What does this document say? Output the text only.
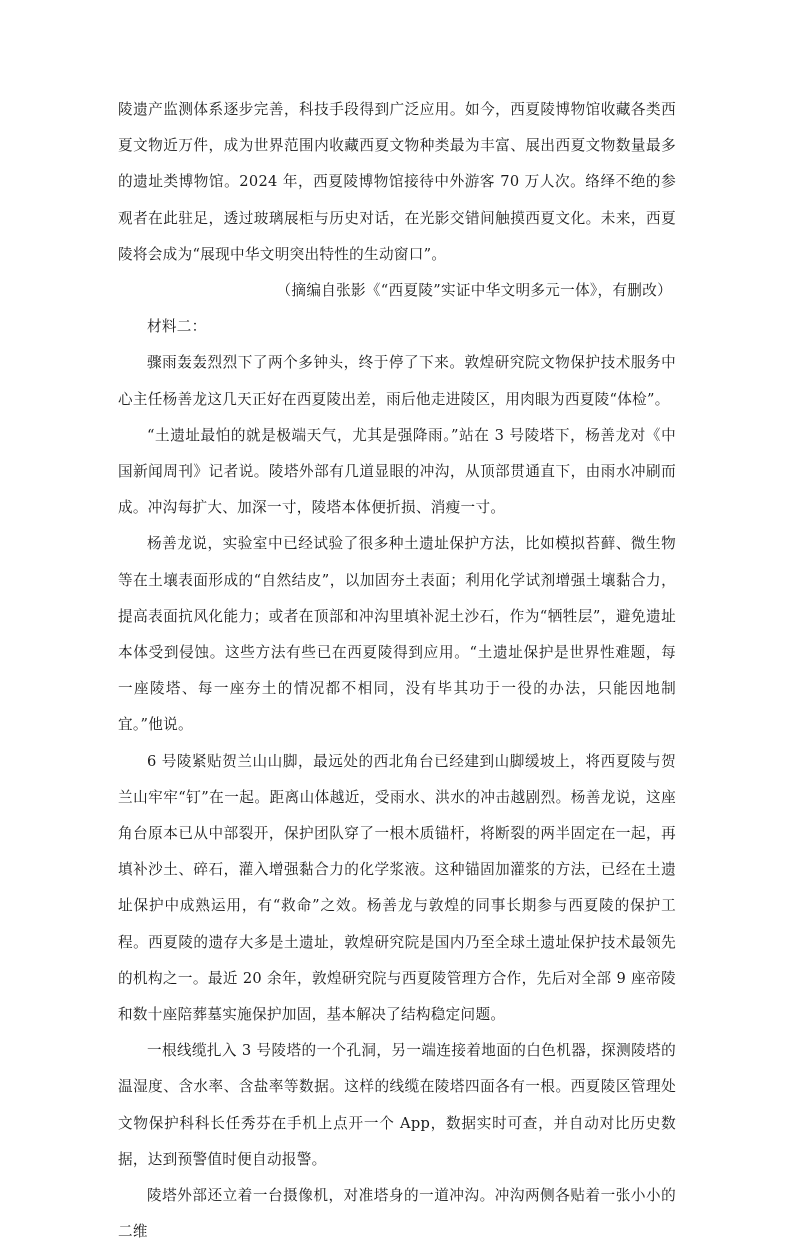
陵遗产监测体系逐步完善，科技手段得到广泛应用。如今，西夏陵博物馆收藏各类西夏文物近万件，成为世界范围内收藏西夏文物种类最为丰富、展出西夏文物数量最多的遗址类博物馆。2024 年，西夏陵博物馆接待中外游客 70 万人次。络绎不绝的参观者在此驻足，透过玻璃展柜与历史对话，在光影交错间触摸西夏文化。未来，西夏陵将会成为“展现中华文明突出特性的生动窗口”。

（摘编自张影《“西夏陵”实证中华文明多元一体》，有删改）

材料二：

骤雨轰轰烈烈下了两个多钟头，终于停了下来。敦煌研究院文物保护技术服务中心主任杨善龙这几天正好在西夏陵出差，雨后他走进陵区，用肉眼为西夏陵“体检”。

“土遗址最怕的就是极端天气，尤其是强降雨。”站在 3 号陵塔下，杨善龙对《中国新闻周刊》记者说。陵塔外部有几道显眼的冲沟，从顶部贯通直下，由雨水冲刷而成。冲沟每扩大、加深一寸，陵塔本体便折损、消瘦一寸。

杨善龙说，实验室中已经试验了很多种土遗址保护方法，比如模拟苔藓、微生物等在土壤表面形成的“自然结皮”，以加固夯土表面；利用化学试剂增强土壤黏合力，提高表面抗风化能力；或者在顶部和冲沟里填补泥土沙石，作为“牺牲层”，避免遗址本体受到侵蚀。这些方法有些已在西夏陵得到应用。“土遗址保护是世界性难题，每一座陵塔、每一座夯土的情况都不相同，没有毕其功于一役的办法，只能因地制宜。”他说。

6 号陵紧贴贺兰山山脚，最远处的西北角台已经建到山脚缓坡上，将西夏陵与贺兰山牢牢“钉”在一起。距离山体越近，受雨水、洪水的冲击越剧烈。杨善龙说，这座角台原本已从中部裂开，保护团队穿了一根木质锚杆，将断裂的两半固定在一起，再填补沙土、碎石，灌入增强黏合力的化学浆液。这种锚固加灌浆的方法，已经在土遗址保护中成熟运用，有“救命”之效。杨善龙与敦煌的同事长期参与西夏陵的保护工程。西夏陵的遗存大多是土遗址，敦煌研究院是国内乃至全球土遗址保护技术最领先的机构之一。最近 20 余年，敦煌研究院与西夏陵管理方合作，先后对全部 9 座帝陵和数十座陪葬墓实施保护加固，基本解决了结构稳定问题。

一根线缆扎入 3 号陵塔的一个孔洞，另一端连接着地面的白色机器，探测陵塔的温湿度、含水率、含盐率等数据。这样的线缆在陵塔四面各有一根。西夏陵区管理处文物保护科科长任秀芬在手机上点开一个 App，数据实时可查，并自动对比历史数据，达到预警值时便自动报警。

陵塔外部还立着一台摄像机，对准塔身的一道冲沟。冲沟两侧各贴着一张小小的二维
